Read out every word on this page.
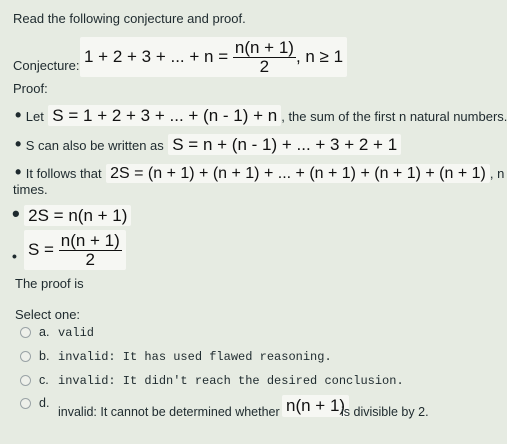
Read the following conjecture and proof.
Conjecture: 1 + 2 + 3 + ... + $n = \frac{n(n + 1)}{2}$ , n ≥ 1
Proof:
• Let S = 1 + 2 + 3 + ... + (n - 1) + n , the sum of the first n natural numbers.
• S can also be written as S = n + (n - 1) + ... + 3 + 2 + 1
• It follows that 2S = (n + 1) + (n + 1) + ... + (n + 1) + (n + 1) + (n + 1) , n
times.
• 2S = n(n + 1)
• $S = \frac{n(n + 1)}{2}$
The proof is
Select one:
a. valid
b. invalid: It has used flawed reasoning.
c. invalid: It didn't reach the desired conclusion.
d.
invalid: It cannot be determined whether n(n + 1)
is divisible by 2.
